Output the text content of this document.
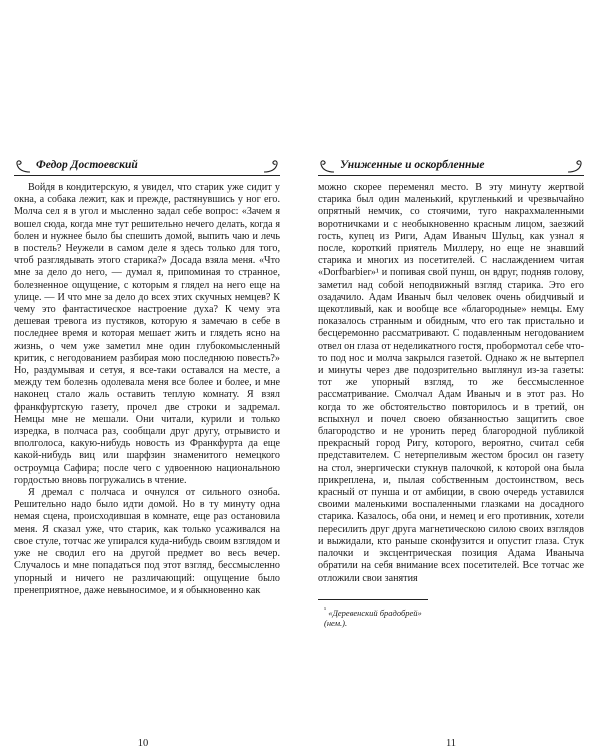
Федор Достоевский

Войдя в кондитерскую, я увидел, что старик уже сидит у окна, а собака лежит, как и прежде, растянувшись у ног его. Молча сел я в угол и мысленно задал себе вопрос: «Зачем я вошел сюда, когда мне тут решительно нечего делать, когда я болен и нужнее было бы спешить домой, выпить чаю и лечь в постель? Неужели в самом деле я здесь только для того, чтоб разглядывать этого старика?» Досада взяла меня. «Что мне за дело до него, — думал я, припоминая то странное, болезненное ощущение, с которым я глядел на него еще на улице. — И что мне за дело до всех этих скучных немцев? К чему это фантастическое настроение духа? К чему эта дешевая тревога из пустяков, которую я замечаю в себе в последнее время и которая мешает жить и глядеть ясно на жизнь, о чем уже заметил мне один глубокомысленный критик, с негодованием разбирая мою последнюю повесть?» Но, раздумывая и сетуя, я все-таки оставался на месте, а между тем болезнь одолевала меня все более и более, и мне наконец стало жаль оставить теплую комнату. Я взял франкфуртскую газету, прочел две строки и задремал. Немцы мне не мешали. Они читали, курили и только изредка, в полчаса раз, сообщали друг другу, отрывисто и вполголоса, какую-нибудь новость из Франкфурта да еще какой-нибудь виц или шарфзин знаменитого немецкого остроумца Сафира; после чего с удвоенною национальною гордостью вновь погружались в чтение.

Я дремал с полчаса и очнулся от сильного озноба. Решительно надо было идти домой. Но в ту минуту одна немая сцена, происходившая в комнате, еще раз остановила меня. Я сказал уже, что старик, как только усаживался на свое стуле, тотчас же упирался куда-нибудь своим взглядом и уже не сводил его на другой предмет во весь вечер. Случалось и мне попадаться под этот взгляд, бессмысленно упорный и ничего не различающий: ощущение было пренеприятное, даже невыносимое, и я обыкновенно как

10
Униженные и оскорбленные

можно скорее переменял место. В эту минуту жертвой старика был один маленький, кругленький и чрезвычайно опрятный немчик, со стоячими, туго накрахмаленными воротничками и с необыкновенно красным лицом, заезжий гость, купец из Риги, Адам Иваныч Шульц, как узнал я после, короткий приятель Миллеру, но еще не знавший старика и многих из посетителей. С наслаждением читая «Dorfbarbier»¹ и попивая свой пунш, он вдруг, подняв голову, заметил над собой неподвижный взгляд старика. Это его озадачило. Адам Иваныч был человек очень обидчивый и щекотливый, как и вообще все «благородные» немцы. Ему показалось странным и обидным, что его так пристально и бесцеремонно рассматривают. С подавленным негодованием отвел он глаза от неделикатного гостя, пробормотал себе что-то под нос и молча закрылся газетой. Однако ж не вытерпел и минуты через две подозрительно выглянул из-за газеты: тот же упорный взгляд, то же бессмысленное рассматривание. Смолчал Адам Иваныч и в этот раз. Но когда то же обстоятельство повторилось и в третий, он вспыхнул и почел своею обязанностью защитить свое благородство и не уронить перед благородной публикой прекрасный город Ригу, которого, вероятно, считал себя представителем. С нетерпеливым жестом бросил он газету на стол, энергически стукнув палочкой, к которой она была прикреплена, и, пылая собственным достоинством, весь красный от пунша и от амбиции, в свою очередь уставился своими маленькими воспаленными глазками на досадного старика. Казалось, оба они, и немец и его противник, хотели пересилить друг друга магнетическою силою своих взглядов и выжидали, кто раньше сконфузится и опустит глаза. Стук палочки и эксцентрическая позиция Адама Иваныча обратили на себя внимание всех посетителей. Все тотчас же отложили свои занятия

$^{^1}$ «Деревенский брадобрей» (нем.).
11
